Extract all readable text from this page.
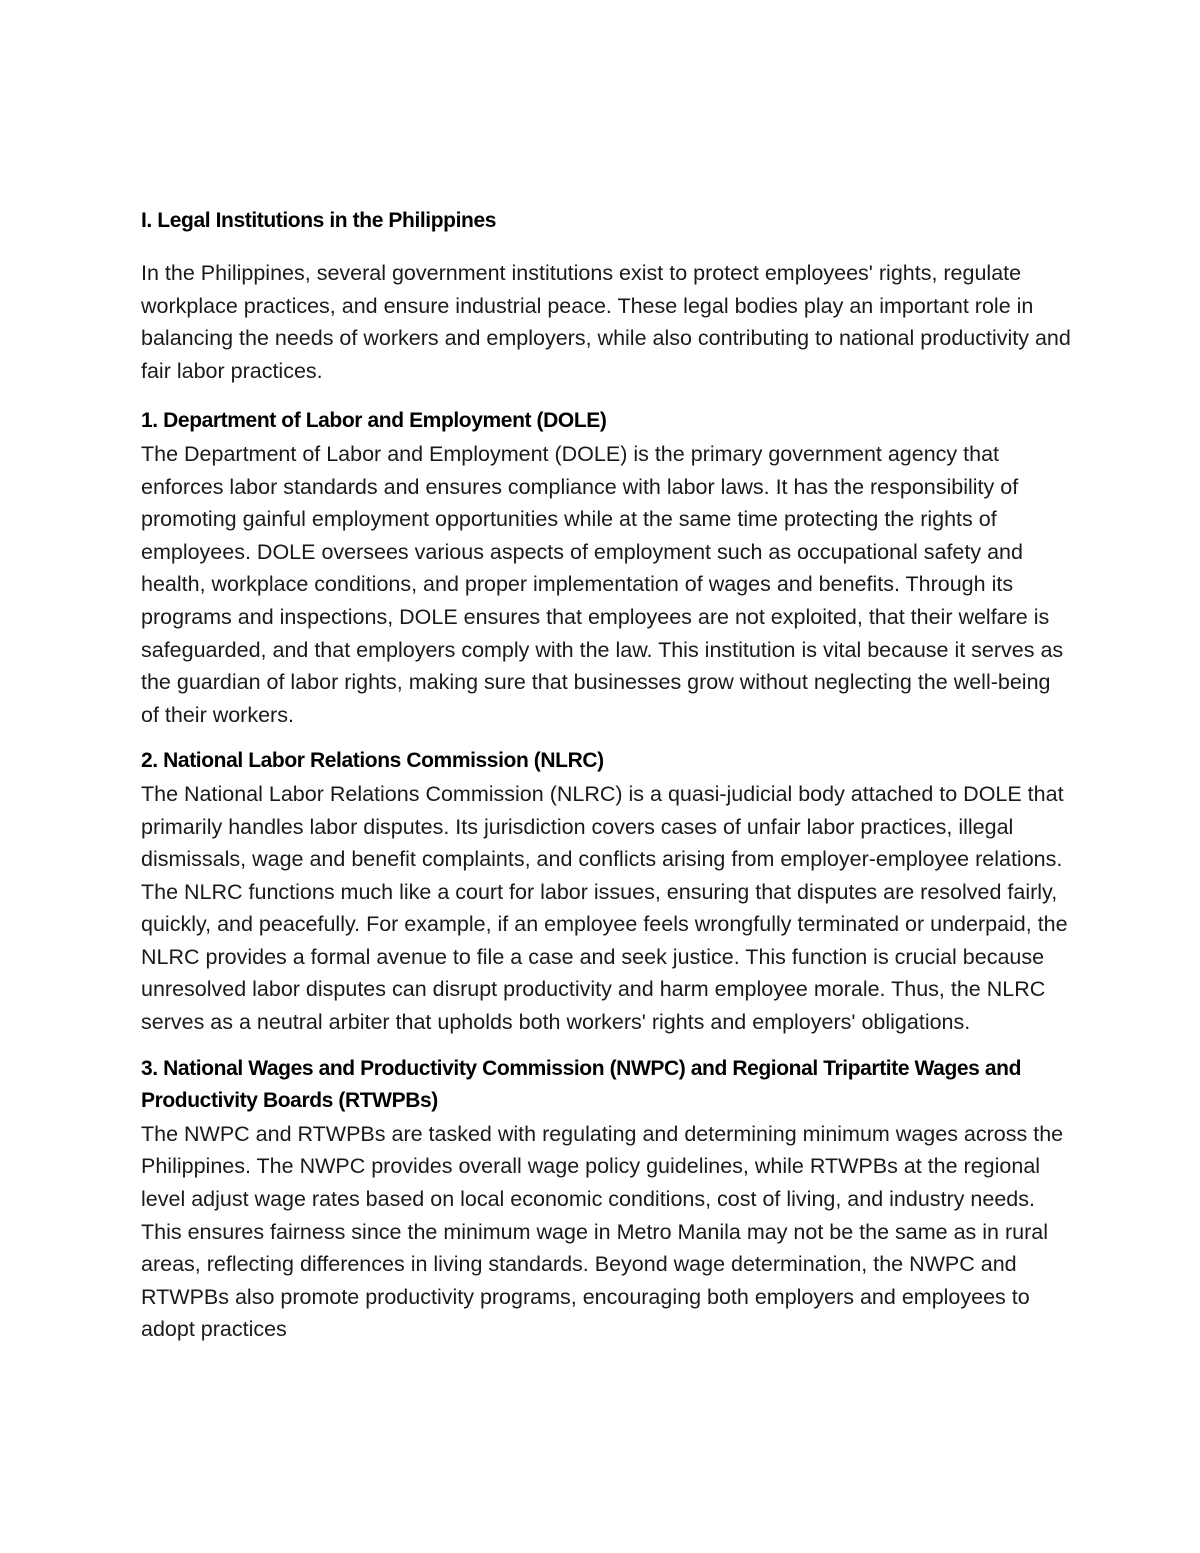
I. Legal Institutions in the Philippines

In the Philippines, several government institutions exist to protect employees' rights, regulate workplace practices, and ensure industrial peace. These legal bodies play an important role in balancing the needs of workers and employers, while also contributing to national productivity and fair labor practices.

1. Department of Labor and Employment (DOLE)

The Department of Labor and Employment (DOLE) is the primary government agency that enforces labor standards and ensures compliance with labor laws. It has the responsibility of promoting gainful employment opportunities while at the same time protecting the rights of employees. DOLE oversees various aspects of employment such as occupational safety and health, workplace conditions, and proper implementation of wages and benefits. Through its programs and inspections, DOLE ensures that employees are not exploited, that their welfare is safeguarded, and that employers comply with the law. This institution is vital because it serves as the guardian of labor rights, making sure that businesses grow without neglecting the well-being of their workers.

2. National Labor Relations Commission (NLRC)

The National Labor Relations Commission (NLRC) is a quasi-judicial body attached to DOLE that primarily handles labor disputes. Its jurisdiction covers cases of unfair labor practices, illegal dismissals, wage and benefit complaints, and conflicts arising from employer-employee relations. The NLRC functions much like a court for labor issues, ensuring that disputes are resolved fairly, quickly, and peacefully. For example, if an employee feels wrongfully terminated or underpaid, the NLRC provides a formal avenue to file a case and seek justice. This function is crucial because unresolved labor disputes can disrupt productivity and harm employee morale. Thus, the NLRC serves as a neutral arbiter that upholds both workers' rights and employers' obligations.

3. National Wages and Productivity Commission (NWPC) and Regional Tripartite Wages and Productivity Boards (RTWPBs)

The NWPC and RTWPBs are tasked with regulating and determining minimum wages across the Philippines. The NWPC provides overall wage policy guidelines, while RTWPBs at the regional level adjust wage rates based on local economic conditions, cost of living, and industry needs. This ensures fairness since the minimum wage in Metro Manila may not be the same as in rural areas, reflecting differences in living standards. Beyond wage determination, the NWPC and RTWPBs also promote productivity programs, encouraging both employers and employees to adopt practices
